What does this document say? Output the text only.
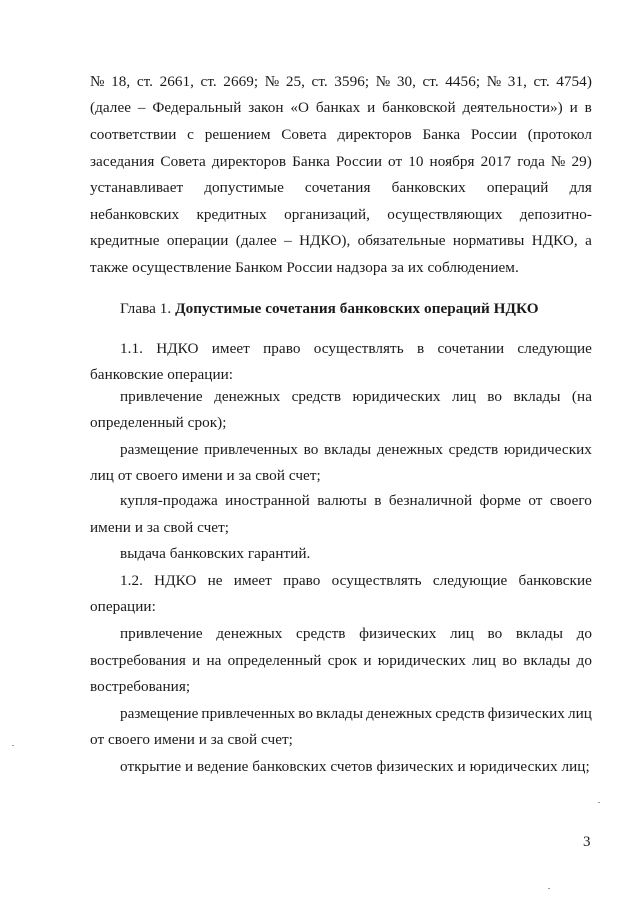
№ 18, ст. 2661, ст. 2669; № 25, ст. 3596; № 30, ст. 4456; № 31, ст. 4754)
(далее – Федеральный закон «О банках и банковской деятельности») и в
соответствии с решением Совета директоров Банка России (протокол
заседания Совета директоров Банка России от 10 ноября 2017 года № 29)
устанавливает допустимые сочетания банковских операций для
небанковских кредитных организаций, осуществляющих депозитно-
кредитные операции (далее – НДКО), обязательные нормативы НДКО, а
также осуществление Банком России надзора за их соблюдением.
Глава 1. Допустимые сочетания банковских операций НДКО
1.1. НДКО имеет право осуществлять в сочетании следующие
банковские операции:
привлечение денежных средств юридических лиц во вклады (на
определенный срок);
размещение привлеченных во вклады денежных средств юридических
лиц от своего имени и за свой счет;
купля-продажа иностранной валюты в безналичной форме от своего
имени и за свой счет;
выдача банковских гарантий.
1.2. НДКО не имеет право осуществлять следующие банковские
операции:
привлечение денежных средств физических лиц во вклады до
востребования и на определенный срок и юридических лиц во вклады до
востребования;
размещение привлеченных во вклады денежных средств физических лиц
от своего имени и за свой счет;
открытие и ведение банковских счетов физических и юридических лиц;
3
